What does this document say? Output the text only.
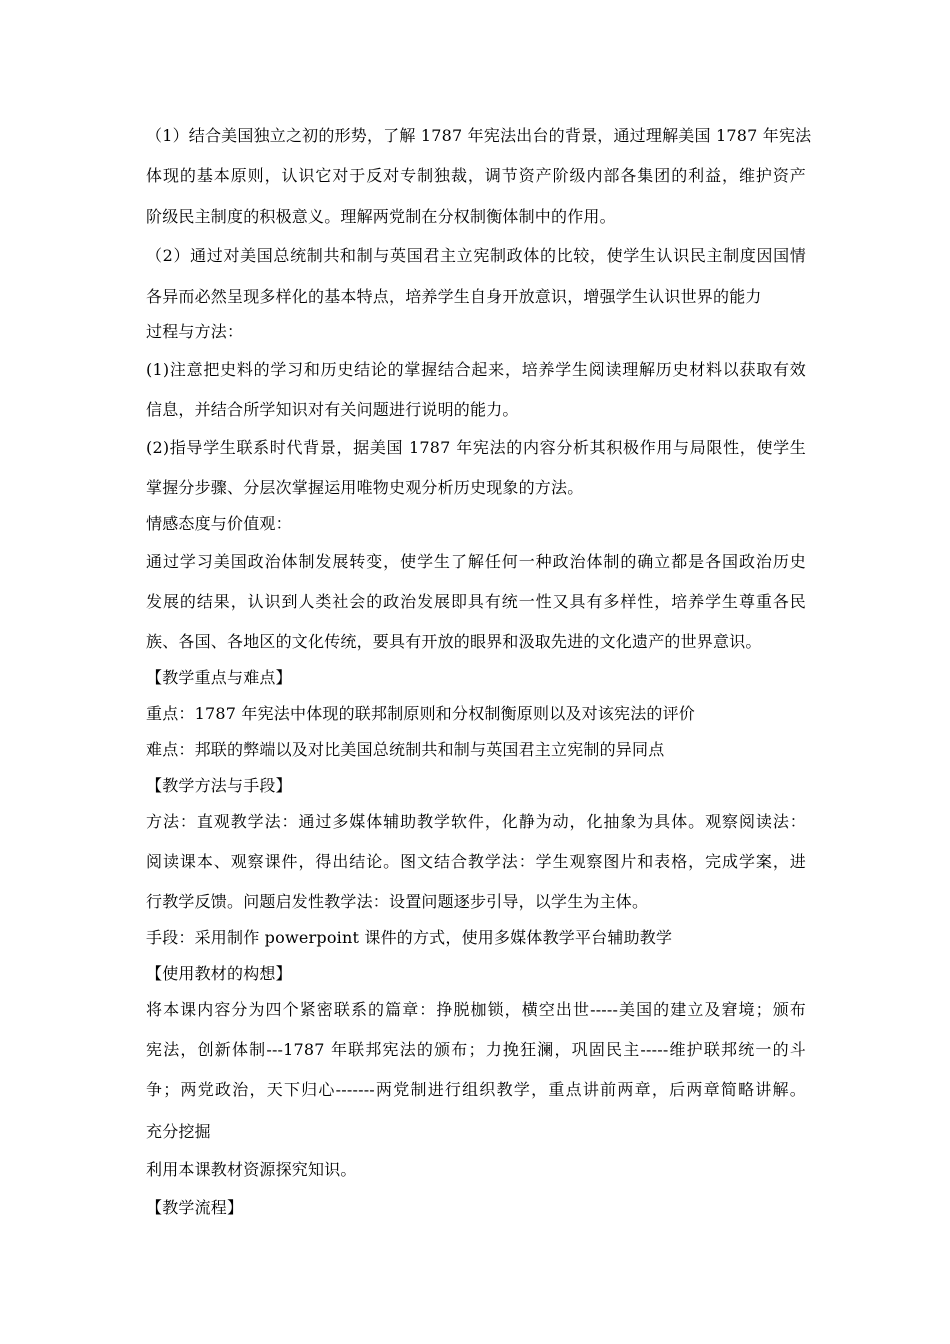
（1）结合美国独立之初的形势，了解 1787 年宪法出台的背景，通过理解美国 1787 年宪法
体现的基本原则，认识它对于反对专制独裁，调节资产阶级内部各集团的利益，维护资产
阶级民主制度的积极意义。理解两党制在分权制衡体制中的作用。
（2）通过对美国总统制共和制与英国君主立宪制政体的比较，使学生认识民主制度因国情
各异而必然呈现多样化的基本特点，培养学生自身开放意识，增强学生认识世界的能力
过程与方法：
(1)注意把史料的学习和历史结论的掌握结合起来，培养学生阅读理解历史材料以获取有效
信息，并结合所学知识对有关问题进行说明的能力。
(2)指导学生联系时代背景，据美国 1787 年宪法的内容分析其积极作用与局限性，使学生
掌握分步骤、分层次掌握运用唯物史观分析历史现象的方法。
情感态度与价值观：
通过学习美国政治体制发展转变，使学生了解任何一种政治体制的确立都是各国政治历史
发展的结果，认识到人类社会的政治发展即具有统一性又具有多样性，培养学生尊重各民
族、各国、各地区的文化传统，要具有开放的眼界和汲取先进的文化遗产的世界意识。
【教学重点与难点】
重点：1787 年宪法中体现的联邦制原则和分权制衡原则以及对该宪法的评价
难点：邦联的弊端以及对比美国总统制共和制与英国君主立宪制的异同点
【教学方法与手段】
方法：直观教学法：通过多媒体辅助教学软件，化静为动，化抽象为具体。观察阅读法：
阅读课本、观察课件，得出结论。图文结合教学法：学生观察图片和表格，完成学案，进
行教学反馈。问题启发性教学法：设置问题逐步引导，以学生为主体。
手段：采用制作 powerpoint 课件的方式，使用多媒体教学平台辅助教学
【使用教材的构想】
将本课内容分为四个紧密联系的篇章：挣脱枷锁，横空出世-----美国的建立及窘境；颁布
宪法，创新体制---1787 年联邦宪法的颁布；力挽狂澜，巩固民主-----维护联邦统一的斗
争；两党政治，天下归心-------两党制进行组织教学，重点讲前两章，后两章简略讲解。
充分挖掘
利用本课教材资源探究知识。
【教学流程】
